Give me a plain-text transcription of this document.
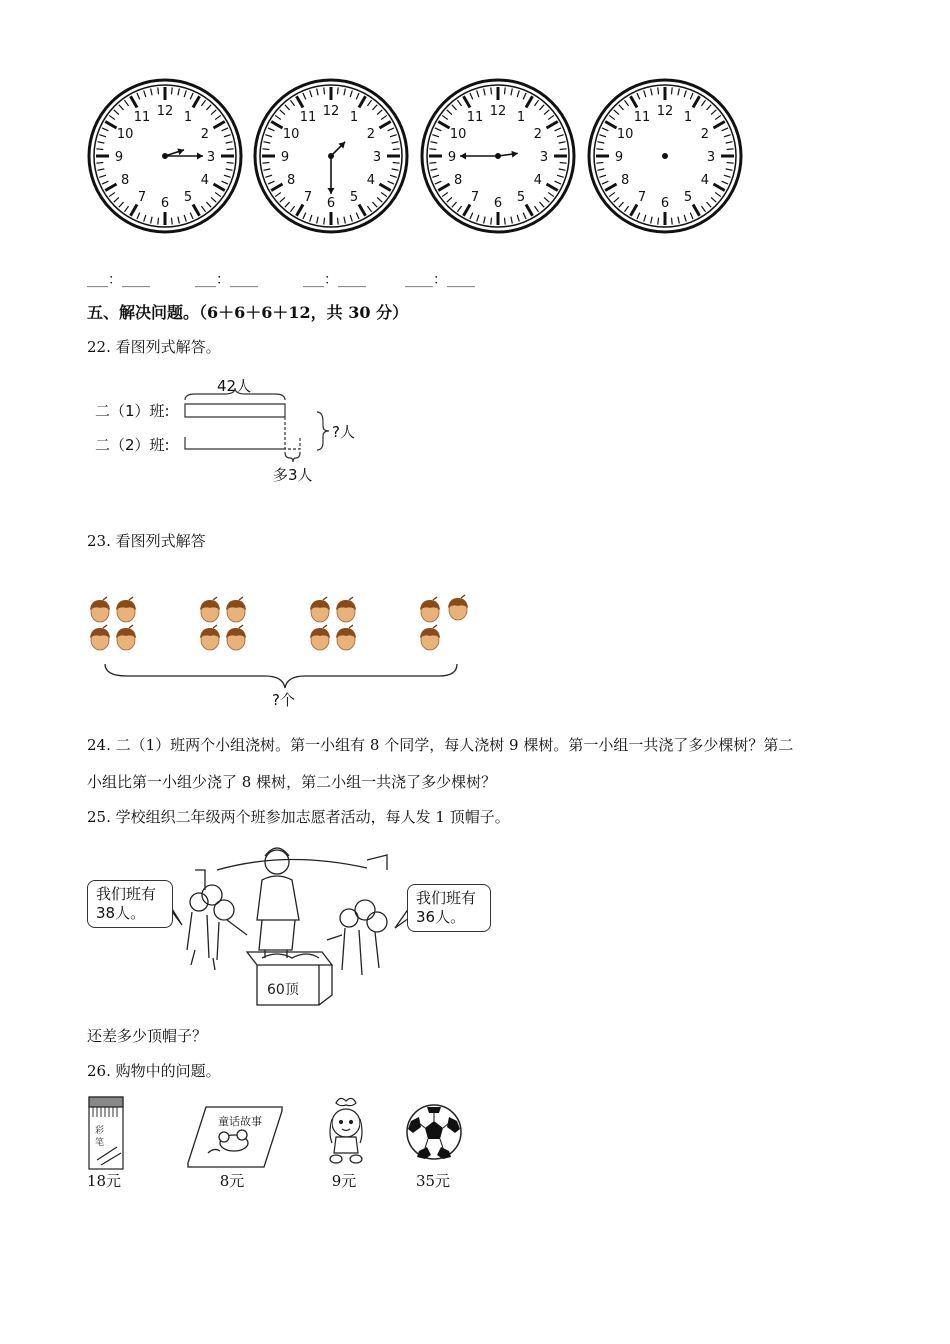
12 1
2
3
4
5
6
7
8
9
10
11	12 1
2
3
4
5
6
7
8
9
10
11	12 1
2
3
4
5
6
7
8
9
10
11	12 1
2
3
4
5
6
7
8
9
10
11
___：____	___：____	___：____	____：____
五、解决问题。（6＋6＋6＋12，共 30 分）
22. 看图列式解答。
二（1）班:
二（2）班:
42人
多3人
?人
23. 看图列式解答
?个
24. 二（1）班两个小组浇树。第一小组有 8 个同学，每人浇树 9 棵树。第一小组一共浇了多少棵树？第二
小组比第一小组少浇了 8 棵树，第二小组一共浇了多少棵树？
25. 学校组织二年级两个班参加志愿者活动，每人发 1 顶帽子。
60顶
我们班有
38人。
我们班有
36人。
还差多少顶帽子？
26. 购物中的问题。
彩
笔
18元
童话故事
8元	9元	35元
